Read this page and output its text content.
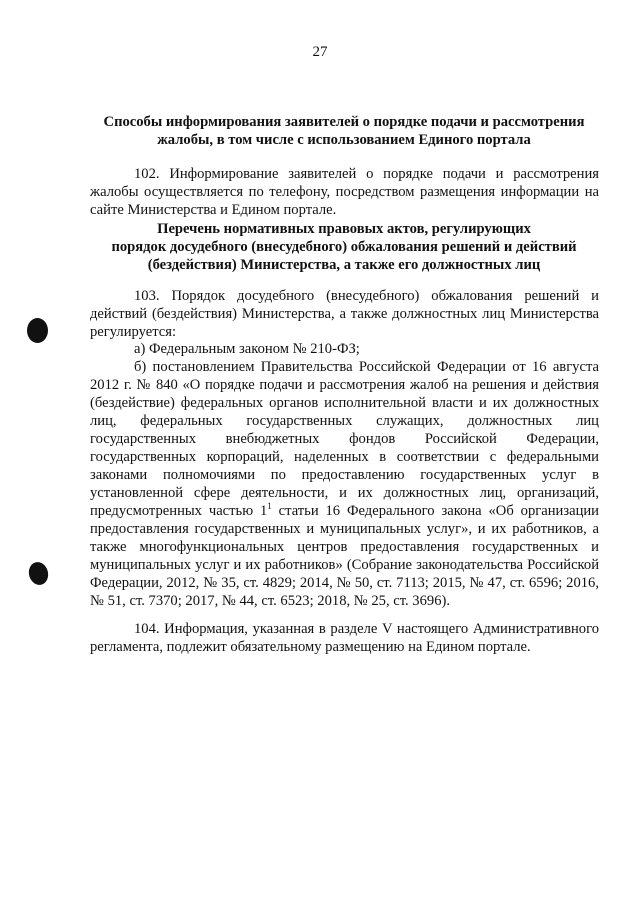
27
Способы информирования заявителей о порядке подачи и рассмотрения
жалобы, в том числе с использованием Единого портала
102. Информирование заявителей о порядке подачи и рассмотрения жалобы осуществляется по телефону, посредством размещения информации на сайте Министерства и Едином портале.
Перечень нормативных правовых актов, регулирующих
порядок досудебного (внесудебного) обжалования решений и действий
(бездействия) Министерства, а также его должностных лиц
103. Порядок досудебного (внесудебного) обжалования решений и действий (бездействия) Министерства, а также должностных лиц Министерства регулируется:
а) Федеральным законом № 210-ФЗ;
б) постановлением Правительства Российской Федерации от 16 августа 2012 г. № 840 «О порядке подачи и рассмотрения жалоб на решения и действия (бездействие) федеральных органов исполнительной власти и их должностных лиц, федеральных государственных служащих, должностных лиц государственных внебюджетных фондов Российской Федерации, государственных корпораций, наделенных в соответствии с федеральными законами полномочиями по предоставлению государственных услуг в установленной сфере деятельности, и их должностных лиц, организаций, предусмотренных частью $1^1$ статьи 16 Федерального закона «Об организации предоставления государственных и муниципальных услуг», и их работников, а также многофункциональных центров предоставления государственных и муниципальных услуг и их работников» (Собрание законодательства Российской Федерации, 2012, № 35, ст. 4829; 2014, № 50, ст. 7113; 2015, № 47, ст. 6596; 2016, № 51, ст. 7370; 2017, № 44, ст. 6523; 2018, № 25, ст. 3696).
104. Информация, указанная в разделе V настоящего Административного регламента, подлежит обязательному размещению на Едином портале.
